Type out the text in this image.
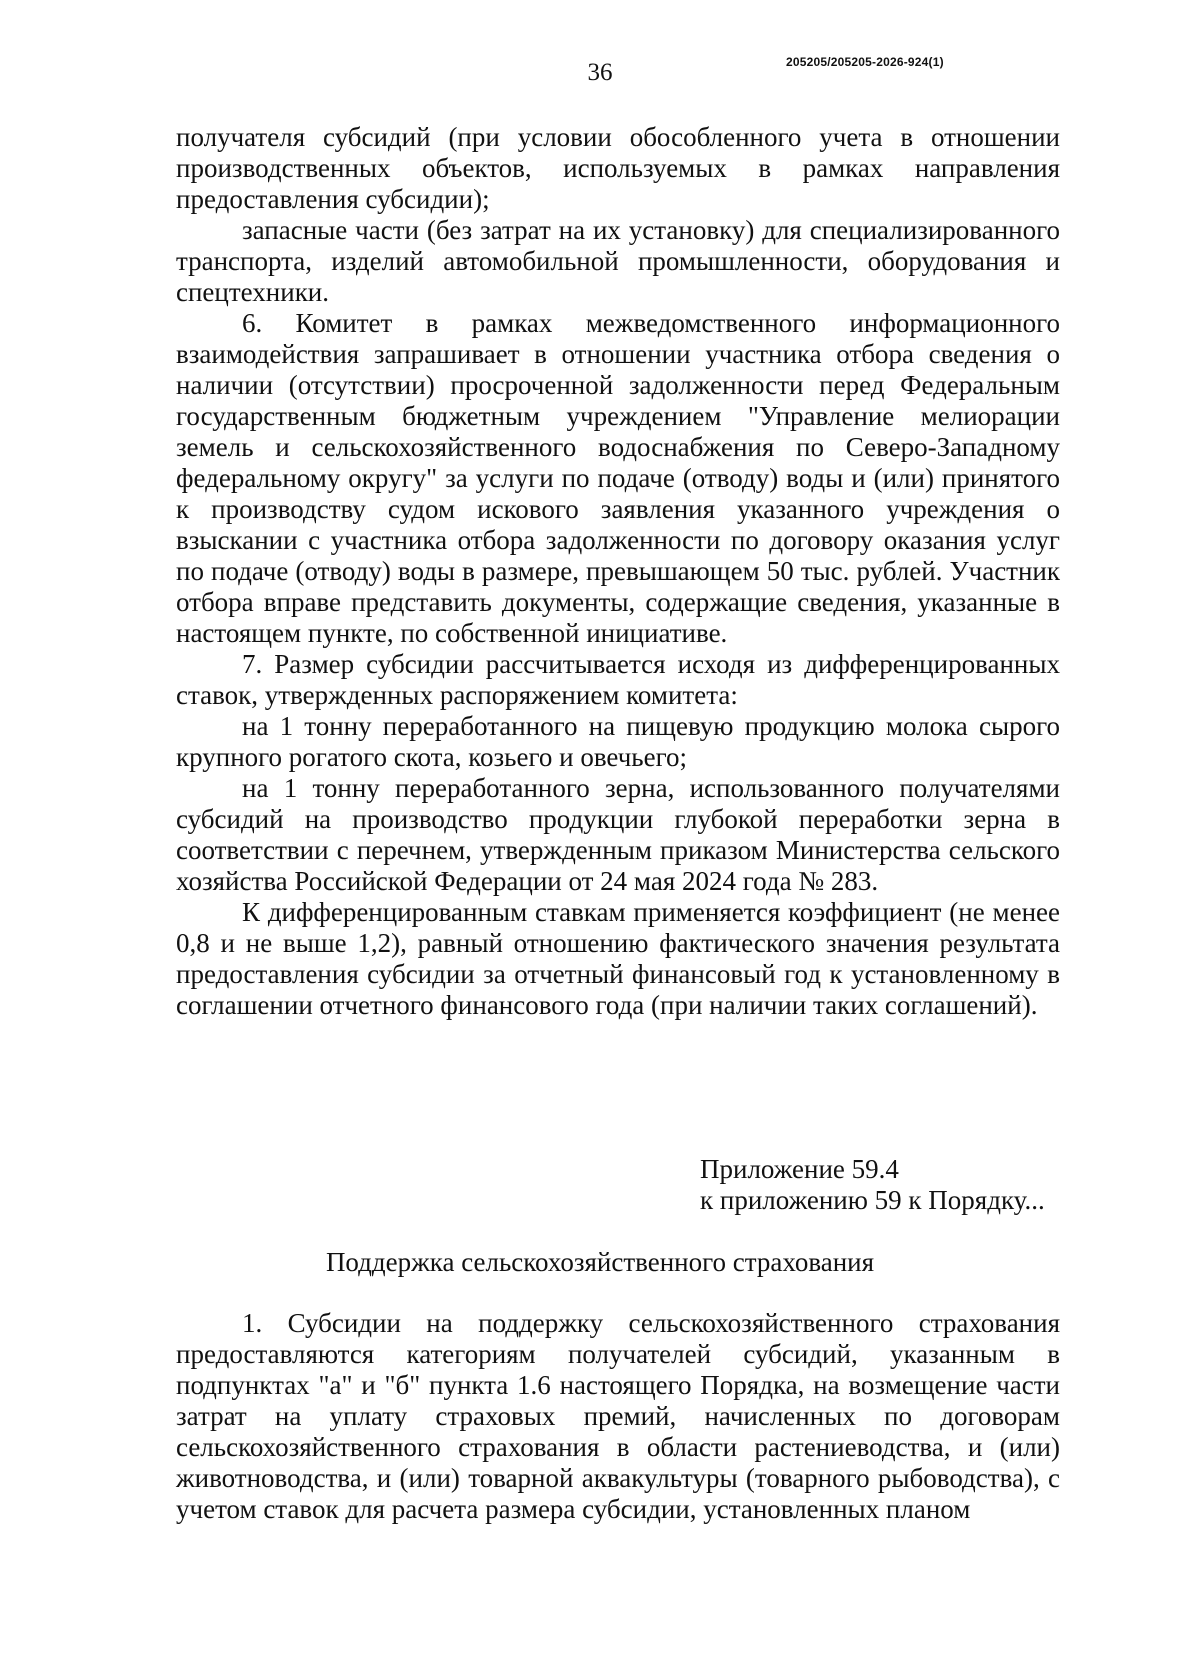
36	205205/205205-2026-924(1)

получателя субсидий (при условии обособленного учета в отношении производственных объектов, используемых в рамках направления предоставления субсидии);

запасные части (без затрат на их установку) для специализированного транспорта, изделий автомобильной промышленности, оборудования и спецтехники.

6. Комитет в рамках межведомственного информационного взаимодействия запрашивает в отношении участника отбора сведения о наличии (отсутствии) просроченной задолженности перед Федеральным государственным бюджетным учреждением "Управление мелиорации земель и сельскохозяйственного водоснабжения по Северо-Западному федеральному округу" за услуги по подаче (отводу) воды и (или) принятого к производству судом искового заявления указанного учреждения о взыскании с участника отбора задолженности по договору оказания услуг по подаче (отводу) воды в размере, превышающем 50 тыс. рублей. Участник отбора вправе представить документы, содержащие сведения, указанные в настоящем пункте, по собственной инициативе.

7. Размер субсидии рассчитывается исходя из дифференцированных ставок, утвержденных распоряжением комитета:

на 1 тонну переработанного на пищевую продукцию молока сырого крупного рогатого скота, козьего и овечьего;

на 1 тонну переработанного зерна, использованного получателями субсидий на производство продукции глубокой переработки зерна в соответствии с перечнем, утвержденным приказом Министерства сельского хозяйства Российской Федерации от 24 мая 2024 года № 283.

К дифференцированным ставкам применяется коэффициент (не менее 0,8 и не выше 1,2), равный отношению фактического значения результата предоставления субсидии за отчетный финансовый год к установленному в соглашении отчетного финансового года (при наличии таких соглашений).

Приложение 59.4
к приложению 59 к Порядку...
Поддержка сельскохозяйственного страхования

1. Субсидии на поддержку сельскохозяйственного страхования предоставляются категориям получателей субсидий, указанным в подпунктах "а" и "б" пункта 1.6 настоящего Порядка, на возмещение части затрат на уплату страховых премий, начисленных по договорам сельскохозяйственного страхования в области растениеводства, и (или) животноводства, и (или) товарной аквакультуры (товарного рыбоводства), с учетом ставок для расчета размера субсидии, установленных планом
